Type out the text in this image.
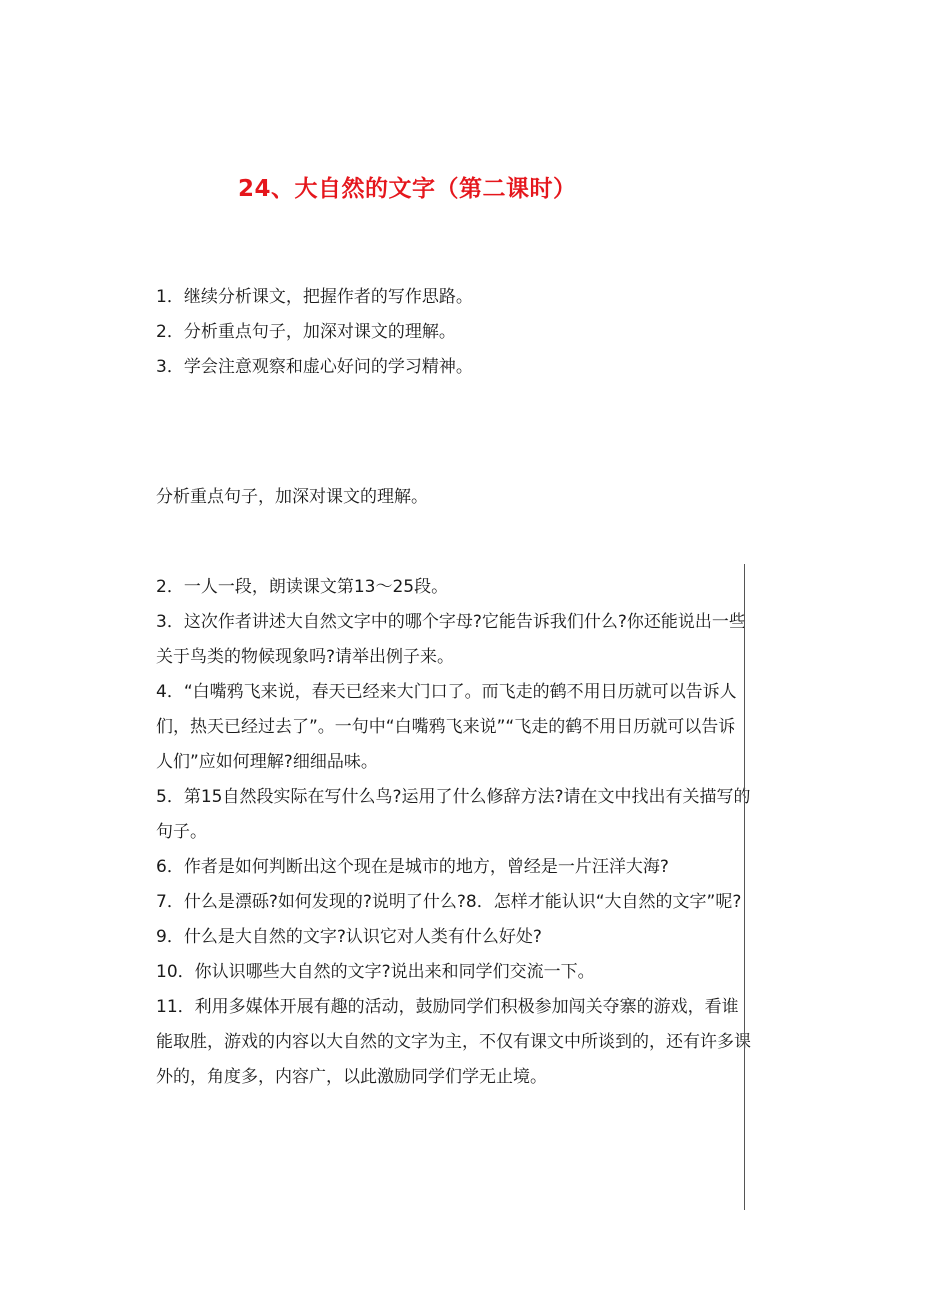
24、大自然的文字（第二课时）

1．继续分析课文，把握作者的写作思路。

2．分析重点句子，加深对课文的理解。

3．学会注意观察和虚心好问的学习精神。

分析重点句子，加深对课文的理解。

2．一人一段，朗读课文第13～25段。

3．这次作者讲述大自然文字中的哪个字母?它能告诉我们什么?你还能说出一些关于鸟类的物候现象吗?请举出例子来。

4．“白嘴鸦飞来说，春天已经来大门口了。而飞走的鹤不用日历就可以告诉人们，热天已经过去了”。一句中“白嘴鸦飞来说”“飞走的鹤不用日历就可以告诉人们”应如何理解?细细品味。

5．第15自然段实际在写什么鸟?运用了什么修辞方法?请在文中找出有关描写的句子。

6．作者是如何判断出这个现在是城市的地方，曾经是一片汪洋大海?

7．什么是漂砾?如何发现的?说明了什么?8．怎样才能认识“大自然的文字”呢?

9．什么是大自然的文字?认识它对人类有什么好处?

10．你认识哪些大自然的文字?说出来和同学们交流一下。

11．利用多媒体开展有趣的活动，鼓励同学们积极参加闯关夺寨的游戏，看谁能取胜，游戏的内容以大自然的文字为主，不仅有课文中所谈到的，还有许多课外的，角度多，内容广，以此激励同学们学无止境。
